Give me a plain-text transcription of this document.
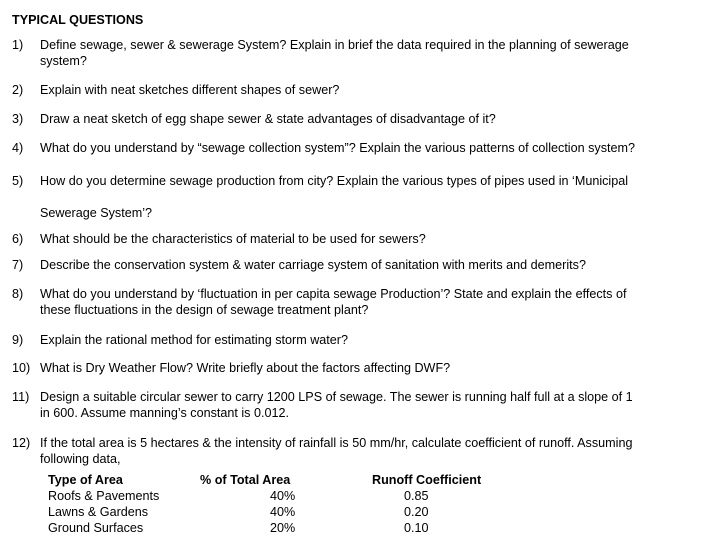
TYPICAL QUESTIONS
1) Define sewage, sewer & sewerage System? Explain in brief the data required in the planning of sewerage
system?
2) Explain with neat sketches different shapes of sewer?
3) Draw a neat sketch of egg shape sewer & state advantages of disadvantage of it?
4) What do you understand by “sewage collection system”? Explain the various patterns of collection system?
5) How do you determine sewage production from city? Explain the various types of pipes used in ‘Municipal
Sewerage System’?
6) What should be the characteristics of material to be used for sewers?
7) Describe the conservation system & water carriage system of sanitation with merits and demerits?
8) What do you understand by ‘fluctuation in per capita sewage Production’? State and explain the effects of
these fluctuations in the design of sewage treatment plant?
9) Explain the rational method for estimating storm water?
10) What is Dry Weather Flow? Write briefly about the factors affecting DWF?
11) Design a suitable circular sewer to carry 1200 LPS of sewage. The sewer is running half full at a slope of 1
in 600. Assume manning’s constant is 0.012.
12) If the total area is 5 hectares & the intensity of rainfall is 50 mm/hr, calculate coefficient of runoff. Assuming
following data,
Type of Area	% of Total Area	Runoff Coefficient
Roofs & Pavements	40%	0.85
Lawns & Gardens	40%	0.20
Ground Surfaces	20%	0.10
